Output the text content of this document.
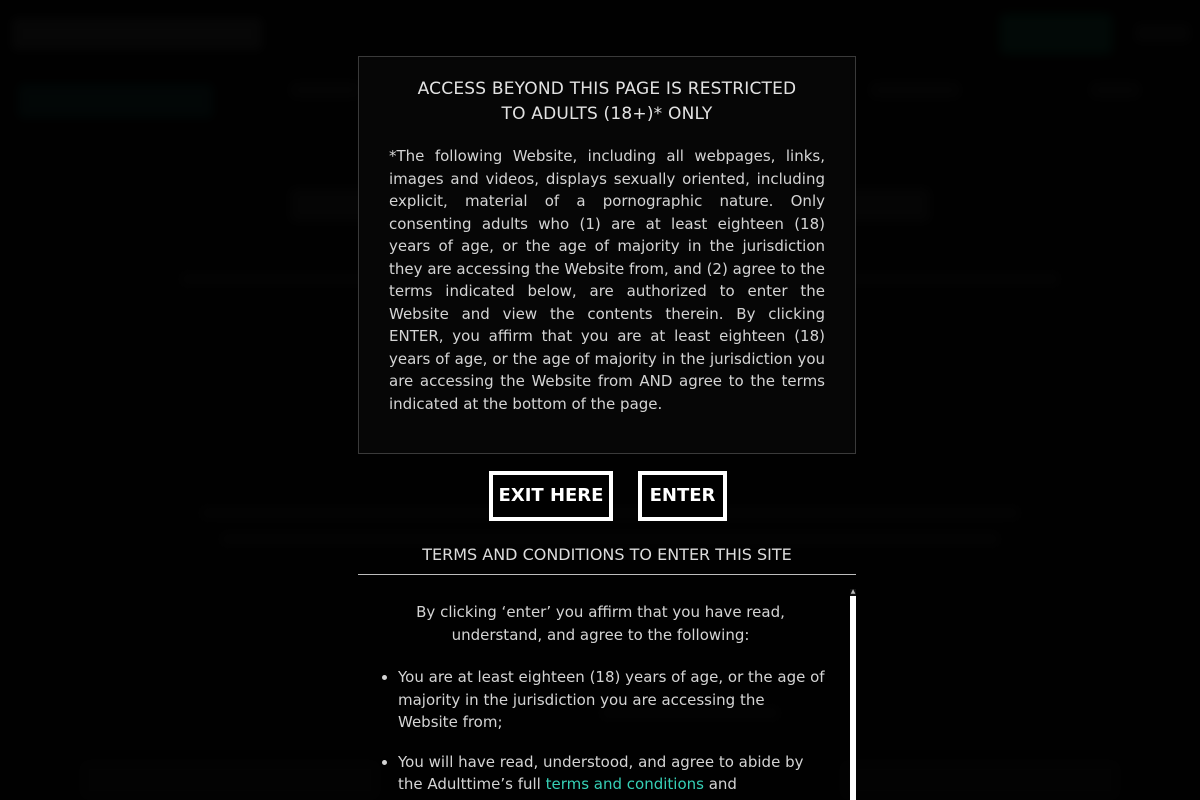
ACCESS BEYOND THIS PAGE IS RESTRICTED
TO ADULTS (18+)* ONLY

*The following Website, including all webpages, links, images and videos, displays sexually oriented, including explicit, material of a pornographic nature. Only consenting adults who (1) are at least eighteen (18) years of age, or the age of majority in the jurisdiction they are accessing the Website from, and (2) agree to the terms indicated below, are authorized to enter the Website and view the contents therein. By clicking ENTER, you affirm that you are at least eighteen (18) years of age, or the age of majority in the jurisdiction you are accessing the Website from AND agree to the terms indicated at the bottom of the page.

EXIT HERE	ENTER
TERMS AND CONDITIONS TO ENTER THIS SITE

By clicking ‘enter’ you affirm that you have read, understand, and agree to the following:

• You are at least eighteen (18) years of age, or the age of majority in the jurisdiction you are accessing the Website from;
• You will have read, understood, and agree to abide by the Adulttime’s full terms and conditions and
▲
